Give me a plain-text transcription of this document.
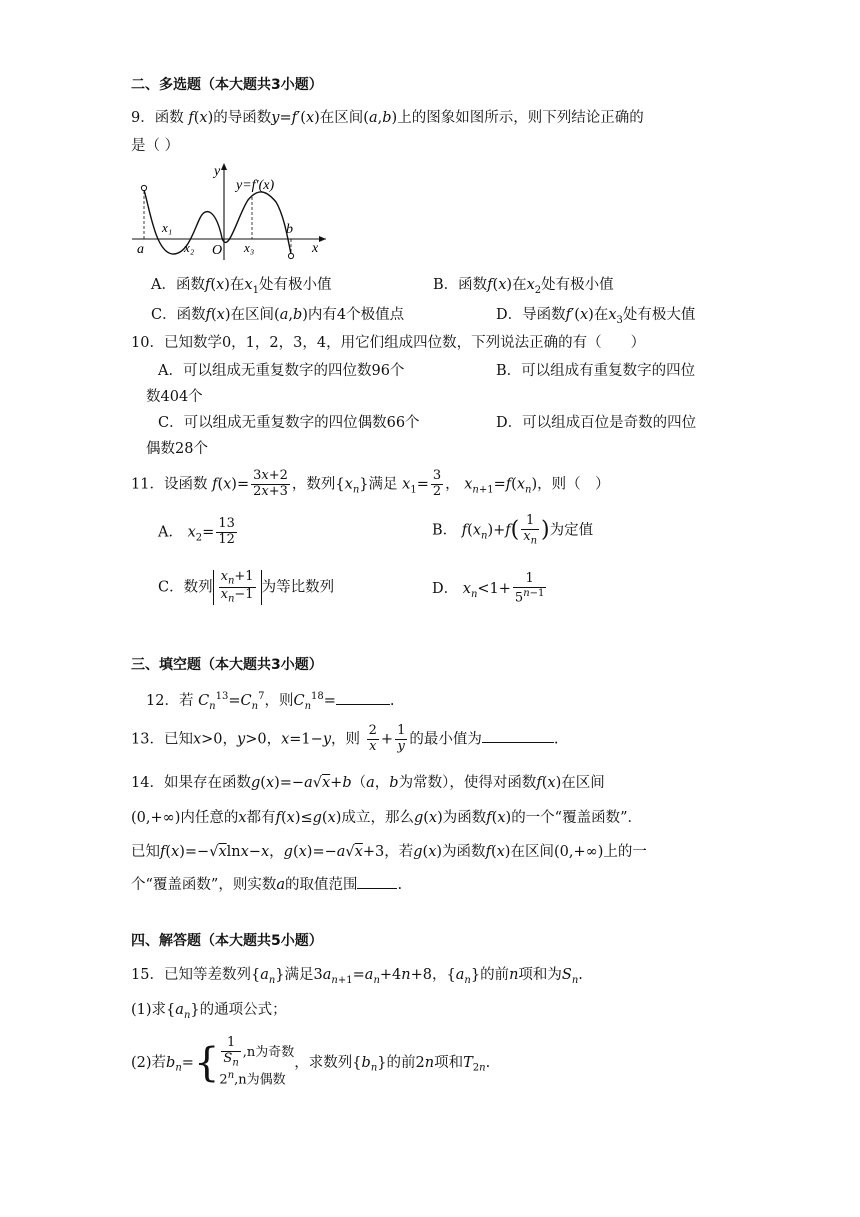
二、多选题（本大题共3小题）
9．函数 f(x)的导函数y=f′(x)在区间(a,b)上的图象如图所示，则下列结论正确的
是（ ）
y
y=f′(x)
x₁
x₂	x₃
a
b
O	x
A．函数f(x)在$x_1$处有极小值	B．函数f(x)在$x_2$处有极小值
C．函数f(x)在区间(a,b)内有4个极值点	D．导函数f′(x)在$x_3$处有极大值
10．已知数学0，1，2，3，4，用它们组成四位数，下列说法正确的有（　　）
A．可以组成无重复数字的四位数96个	B．可以组成有重复数字的四位
数404个
C．可以组成无重复数字的四位偶数66个	D．可以组成百位是奇数的四位
偶数28个
11．设函数 $f(x)= \frac{3x+2}{2x+3}$ ，数列$\{x_n\}$满足 $x_1= \frac{3}{2}$ ， $x_{n+1}=f(x_n)$，则（　）
A． $x_2= \frac{13}{12}$	B． $f(x_n)+f( \frac{1}{x_n}$ )为定值
C．数列 $\frac{x_n+1}{x_n-1}$ 为等比数列	D． $x_n<1+ \frac{1}{5^{n-1}}$
三、填空题（本大题共3小题）
12．若 $C_n^{13}=C_n^7$，则$C_n^{18}=$	.
13．已知x>0，y>0，x=1−y，则 $\frac{2}{x} + \frac{1}{y}$ 的最小值为	.
14．如果存在函数g(x)=−a√x+b（a，b为常数），使得对函数f(x)在区间
(0,+∞)内任意的x都有f(x)≤g(x)成立，那么g(x)为函数f(x)的一个“覆盖函数”．
已知f(x)=−√xlnx−x，g(x)=−a√x+3，若g(x)为函数f(x)在区间(0,+∞)上的一
个“覆盖函数”，则实数a的取值范围	.
四、解答题（本大题共5小题）
15．已知等差数列$\{a_n\}$满足$3a_{n+1}=a_n+4n+8$，$\{a_n\}$的前n项和为$S_n$.
(1)求$\{a_n\}$的通项公式；
(2)若$b_n=\{ \frac{1}{S_n} ,n$为奇数
2$^n$,n为偶数
，求数列$\{b_n\}$的前2n项和$T_{2n}$.
